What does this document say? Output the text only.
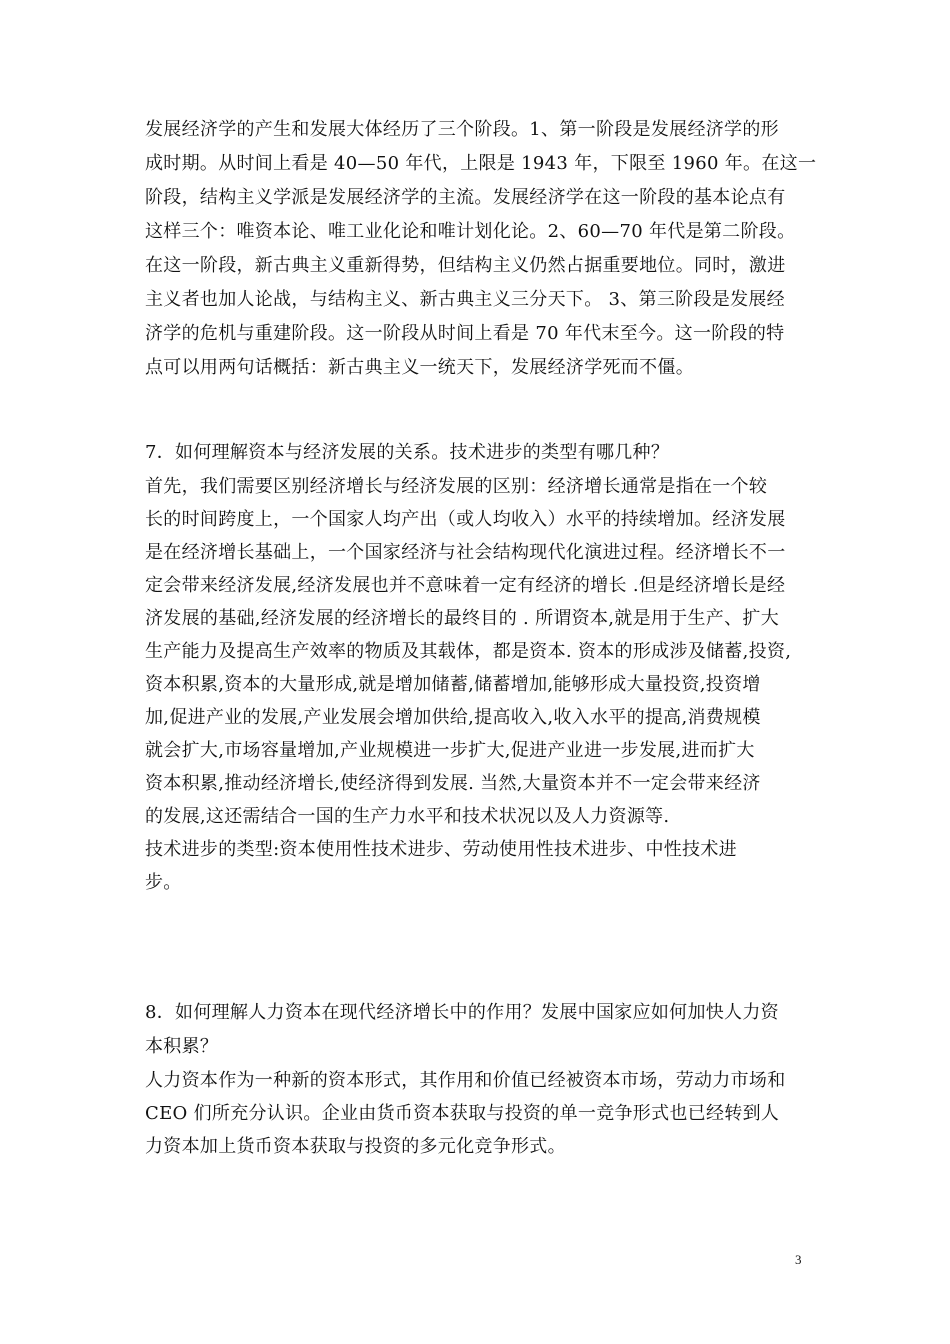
发展经济学的产生和发展大体经历了三个阶段。1、第一阶段是发展经济学的形
成时期。从时间上看是 40—50 年代，上限是 1943 年，下限至 1960 年。在这一
阶段，结构主义学派是发展经济学的主流。发展经济学在这一阶段的基本论点有
这样三个：唯资本论、唯工业化论和唯计划化论。2、60—70 年代是第二阶段。
在这一阶段，新古典主义重新得势，但结构主义仍然占据重要地位。同时，激进
主义者也加人论战，与结构主义、新古典主义三分天下。 3、第三阶段是发展经
济学的危机与重建阶段。这一阶段从时间上看是 70 年代末至今。这一阶段的特
点可以用两句话概括：新古典主义一统天下，发展经济学死而不僵。
7．如何理解资本与经济发展的关系。技术进步的类型有哪几种？
首先，我们需要区别经济增长与经济发展的区别：经济增长通常是指在一个较
长的时间跨度上，一个国家人均产出（或人均收入）水平的持续增加。经济发展
是在经济增长基础上，一个国家经济与社会结构现代化演进过程。经济增长不一
定会带来经济发展,经济发展也并不意味着一定有经济的增长 .但是经济增长是经
济发展的基础,经济发展的经济增长的最终目的 . 所谓资本,就是用于生产、扩大
生产能力及提高生产效率的物质及其载体，都是资本. 资本的形成涉及储蓄,投资,
资本积累,资本的大量形成,就是增加储蓄,储蓄增加,能够形成大量投资,投资增
加,促进产业的发展,产业发展会增加供给,提高收入,收入水平的提高,消费规模
就会扩大,市场容量增加,产业规模进一步扩大,促进产业进一步发展,进而扩大
资本积累,推动经济增长,使经济得到发展. 当然,大量资本并不一定会带来经济
的发展,这还需结合一国的生产力水平和技术状况以及人力资源等.
技术进步的类型:资本使用性技术进步、劳动使用性技术进步、中性技术进
步。
8．如何理解人力资本在现代经济增长中的作用？发展中国家应如何加快人力资
本积累？
人力资本作为一种新的资本形式，其作用和价值已经被资本市场，劳动力市场和
CEO 们所充分认识。企业由货币资本获取与投资的单一竞争形式也已经转到人
力资本加上货币资本获取与投资的多元化竞争形式。
3
